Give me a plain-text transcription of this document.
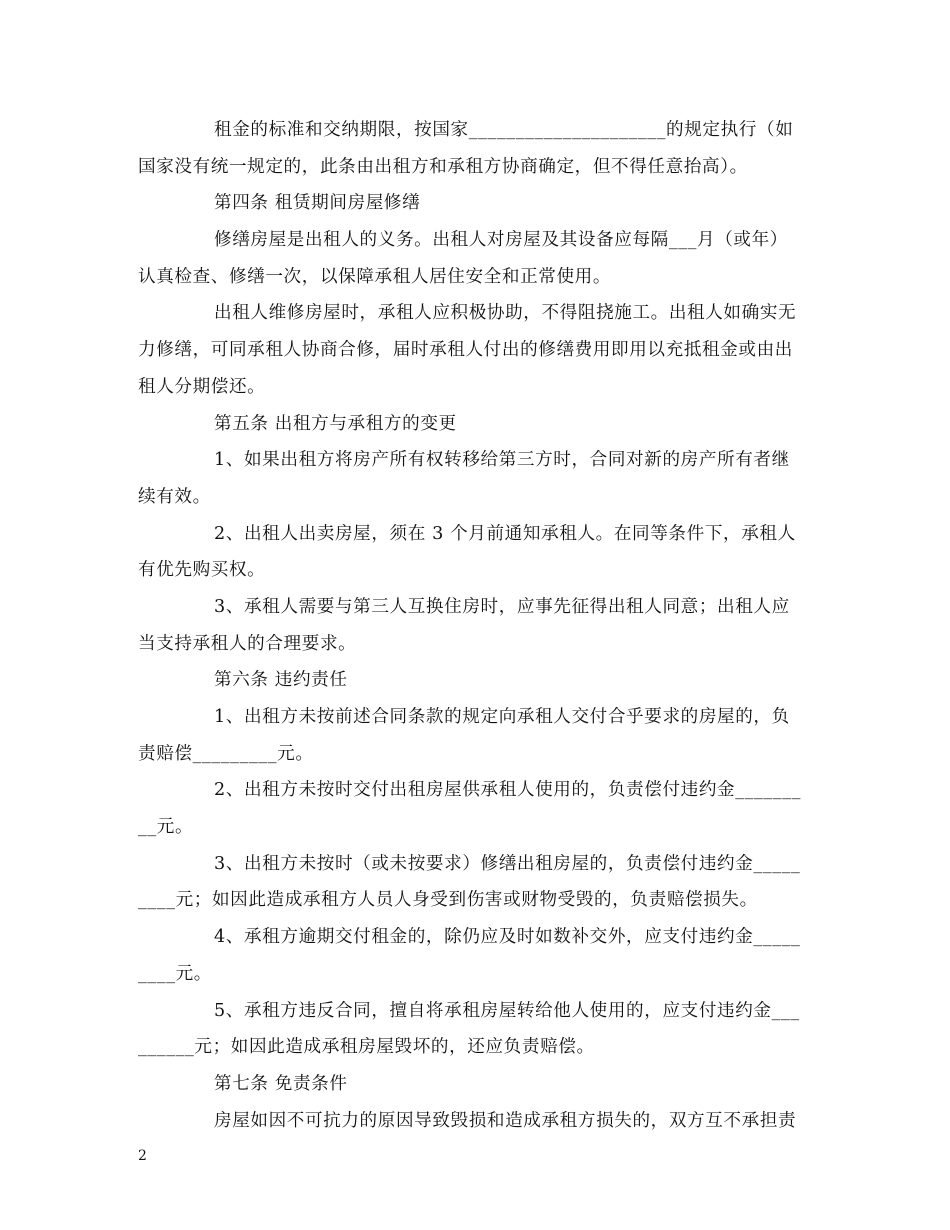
租金的标准和交纳期限，按国家_____________________的规定执行（如
国家没有统一规定的，此条由出租方和承租方协商确定，但不得任意抬高）。
第四条 租赁期间房屋修缮
修缮房屋是出租人的义务。出租人对房屋及其设备应每隔___月（或年）
认真检查、修缮一次，以保障承租人居住安全和正常使用。
出租人维修房屋时，承租人应积极协助，不得阻挠施工。出租人如确实无
力修缮，可同承租人协商合修，届时承租人付出的修缮费用即用以充抵租金或由出
租人分期偿还。
第五条 出租方与承租方的变更
1、如果出租方将房产所有权转移给第三方时，合同对新的房产所有者继
续有效。
2、出租人出卖房屋，须在 3 个月前通知承租人。在同等条件下，承租人
有优先购买权。
3、承租人需要与第三人互换住房时，应事先征得出租人同意；出租人应
当支持承租人的合理要求。
第六条 违约责任
1、出租方未按前述合同条款的规定向承租人交付合乎要求的房屋的，负
责赔偿_________元。
2、出租方未按时交付出租房屋供承租人使用的，负责偿付违约金_______
__元。
3、出租方未按时（或未按要求）修缮出租房屋的，负责偿付违约金_____
____元；如因此造成承租方人员人身受到伤害或财物受毁的，负责赔偿损失。
4、承租方逾期交付租金的，除仍应及时如数补交外，应支付违约金_____
____元。
5、承租方违反合同，擅自将承租房屋转给他人使用的，应支付违约金___
______元；如因此造成承租房屋毁坏的，还应负责赔偿。
第七条 免责条件
房屋如因不可抗力的原因导致毁损和造成承租方损失的，双方互不承担责
2
